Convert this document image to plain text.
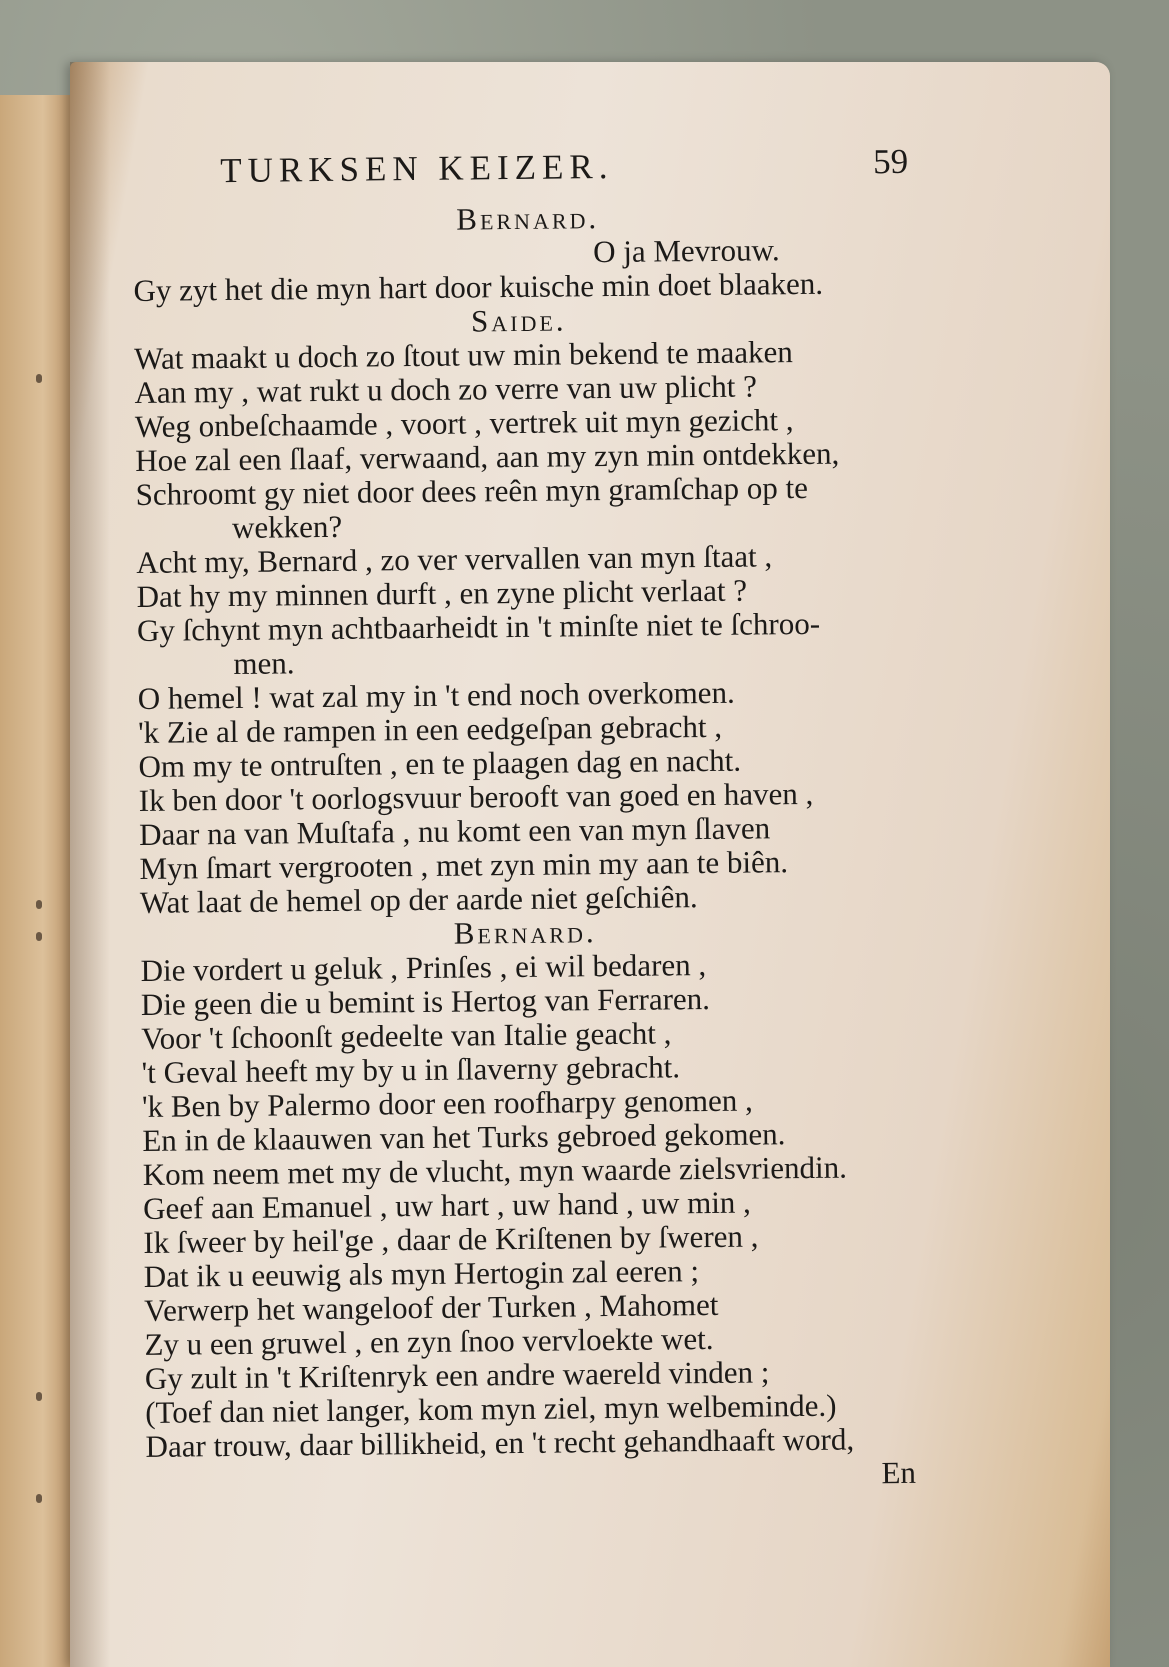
TURKSEN KEIZER.	59
Bernard.
O ja Mevrouw.
Gy zyt het die myn hart door kuische min doet blaaken.
Saide.
Wat maakt u doch zo ſtout uw min bekend te maaken
Aan my , wat rukt u doch zo verre van uw plicht ?
Weg onbeſchaamde , voort , vertrek uit myn gezicht ,
Hoe zal een ſlaaf, verwaand, aan my zyn min ontdekken,
Schroomt gy niet door dees reên myn gramſchap op te
wekken?
Acht my, Bernard , zo ver vervallen van myn ſtaat ,
Dat hy my minnen durft , en zyne plicht verlaat ?
Gy ſchynt myn achtbaarheidt in 't minſte niet te ſchroo-
men.
O hemel ! wat zal my in 't end noch overkomen.
'k Zie al de rampen in een eedgeſpan gebracht ,
Om my te ontruſten , en te plaagen dag en nacht.
Ik ben door 't oorlogsvuur berooft van goed en haven ,
Daar na van Muſtafa , nu komt een van myn ſlaven
Myn ſmart vergrooten , met zyn min my aan te biên.
Wat laat de hemel op der aarde niet geſchiên.
Bernard.
Die vordert u geluk , Prinſes , ei wil bedaren ,
Die geen die u bemint is Hertog van Ferraren.
Voor 't ſchoonſt gedeelte van Italie geacht ,
't Geval heeft my by u in ſlaverny gebracht.
'k Ben by Palermo door een roofharpy genomen ,
En in de klaauwen van het Turks gebroed gekomen.
Kom neem met my de vlucht, myn waarde zielsvriendin.
Geef aan Emanuel , uw hart , uw hand , uw min ,
Ik ſweer by heil'ge , daar de Kriſtenen by ſweren ,
Dat ik u eeuwig als myn Hertogin zal eeren ;
Verwerp het wangeloof der Turken , Mahomet
Zy u een gruwel , en zyn ſnoo vervloekte wet.
Gy zult in 't Kriſtenryk een andre waereld vinden ;
(Toef dan niet langer, kom myn ziel, myn welbeminde.)
Daar trouw, daar billikheid, en 't recht gehandhaaft word,
En
